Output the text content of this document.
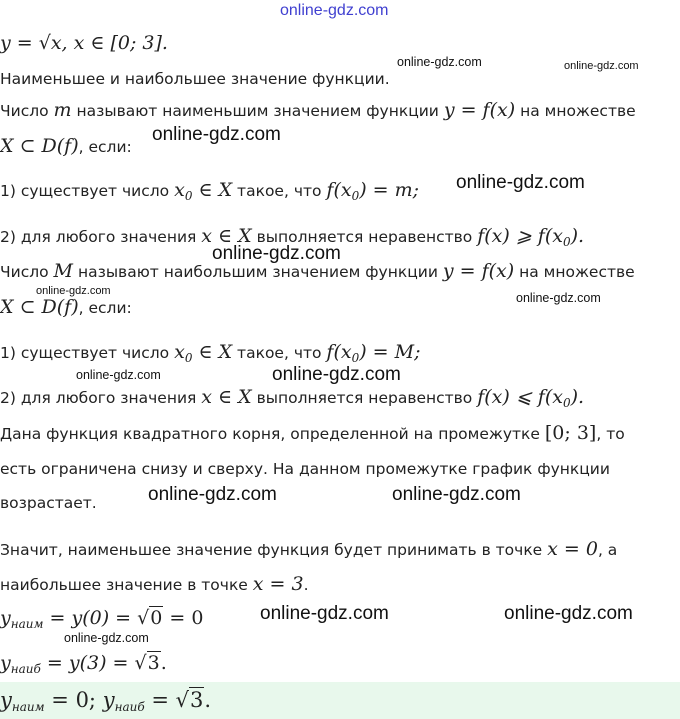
online-gdz.com
y = √x, x ∈ [0; 3].
Наименьшее и наибольшее значение функции.
Число m называют наименьшим значением функции y = f(x) на множестве
X ⊂ D(f), если:
1) существует число $x_0$ ∈ X такое, что $f(x_0) = m$;
2) для любого значения x ∈ X выполняется неравенство f(x) ⩾ $f(x_0)$.
Число M называют наибольшим значением функции y = f(x) на множестве
X ⊂ D(f), если:
1) существует число $x_0$ ∈ X такое, что $f(x_0) = M$;
2) для любого значения x ∈ X выполняется неравенство f(x) ⩽ $f(x_0)$.
Дана функция квадратного корня, определенной на промежутке [0; 3], то
есть ограничена снизу и сверху. На данном промежутке график функции
возрастает.
Значит, наименьшее значение функция будет принимать в точке x = 0, а
наибольшее значение в точке x = 3.
$y_{наим} = y(0) = √0 = 0$
$y_{наиб} = y(3) = √3$.
$y_{наим} = 0$; $y_{наиб} = √3$.
online-gdz.com	online-gdz.com
online-gdz.com
online-gdz.com
online-gdz.com
online-gdz.com	online-gdz.com
online-gdz.com	online-gdz.com
online-gdz.com	online-gdz.com
online-gdz.com	online-gdz.com
online-gdz.com
